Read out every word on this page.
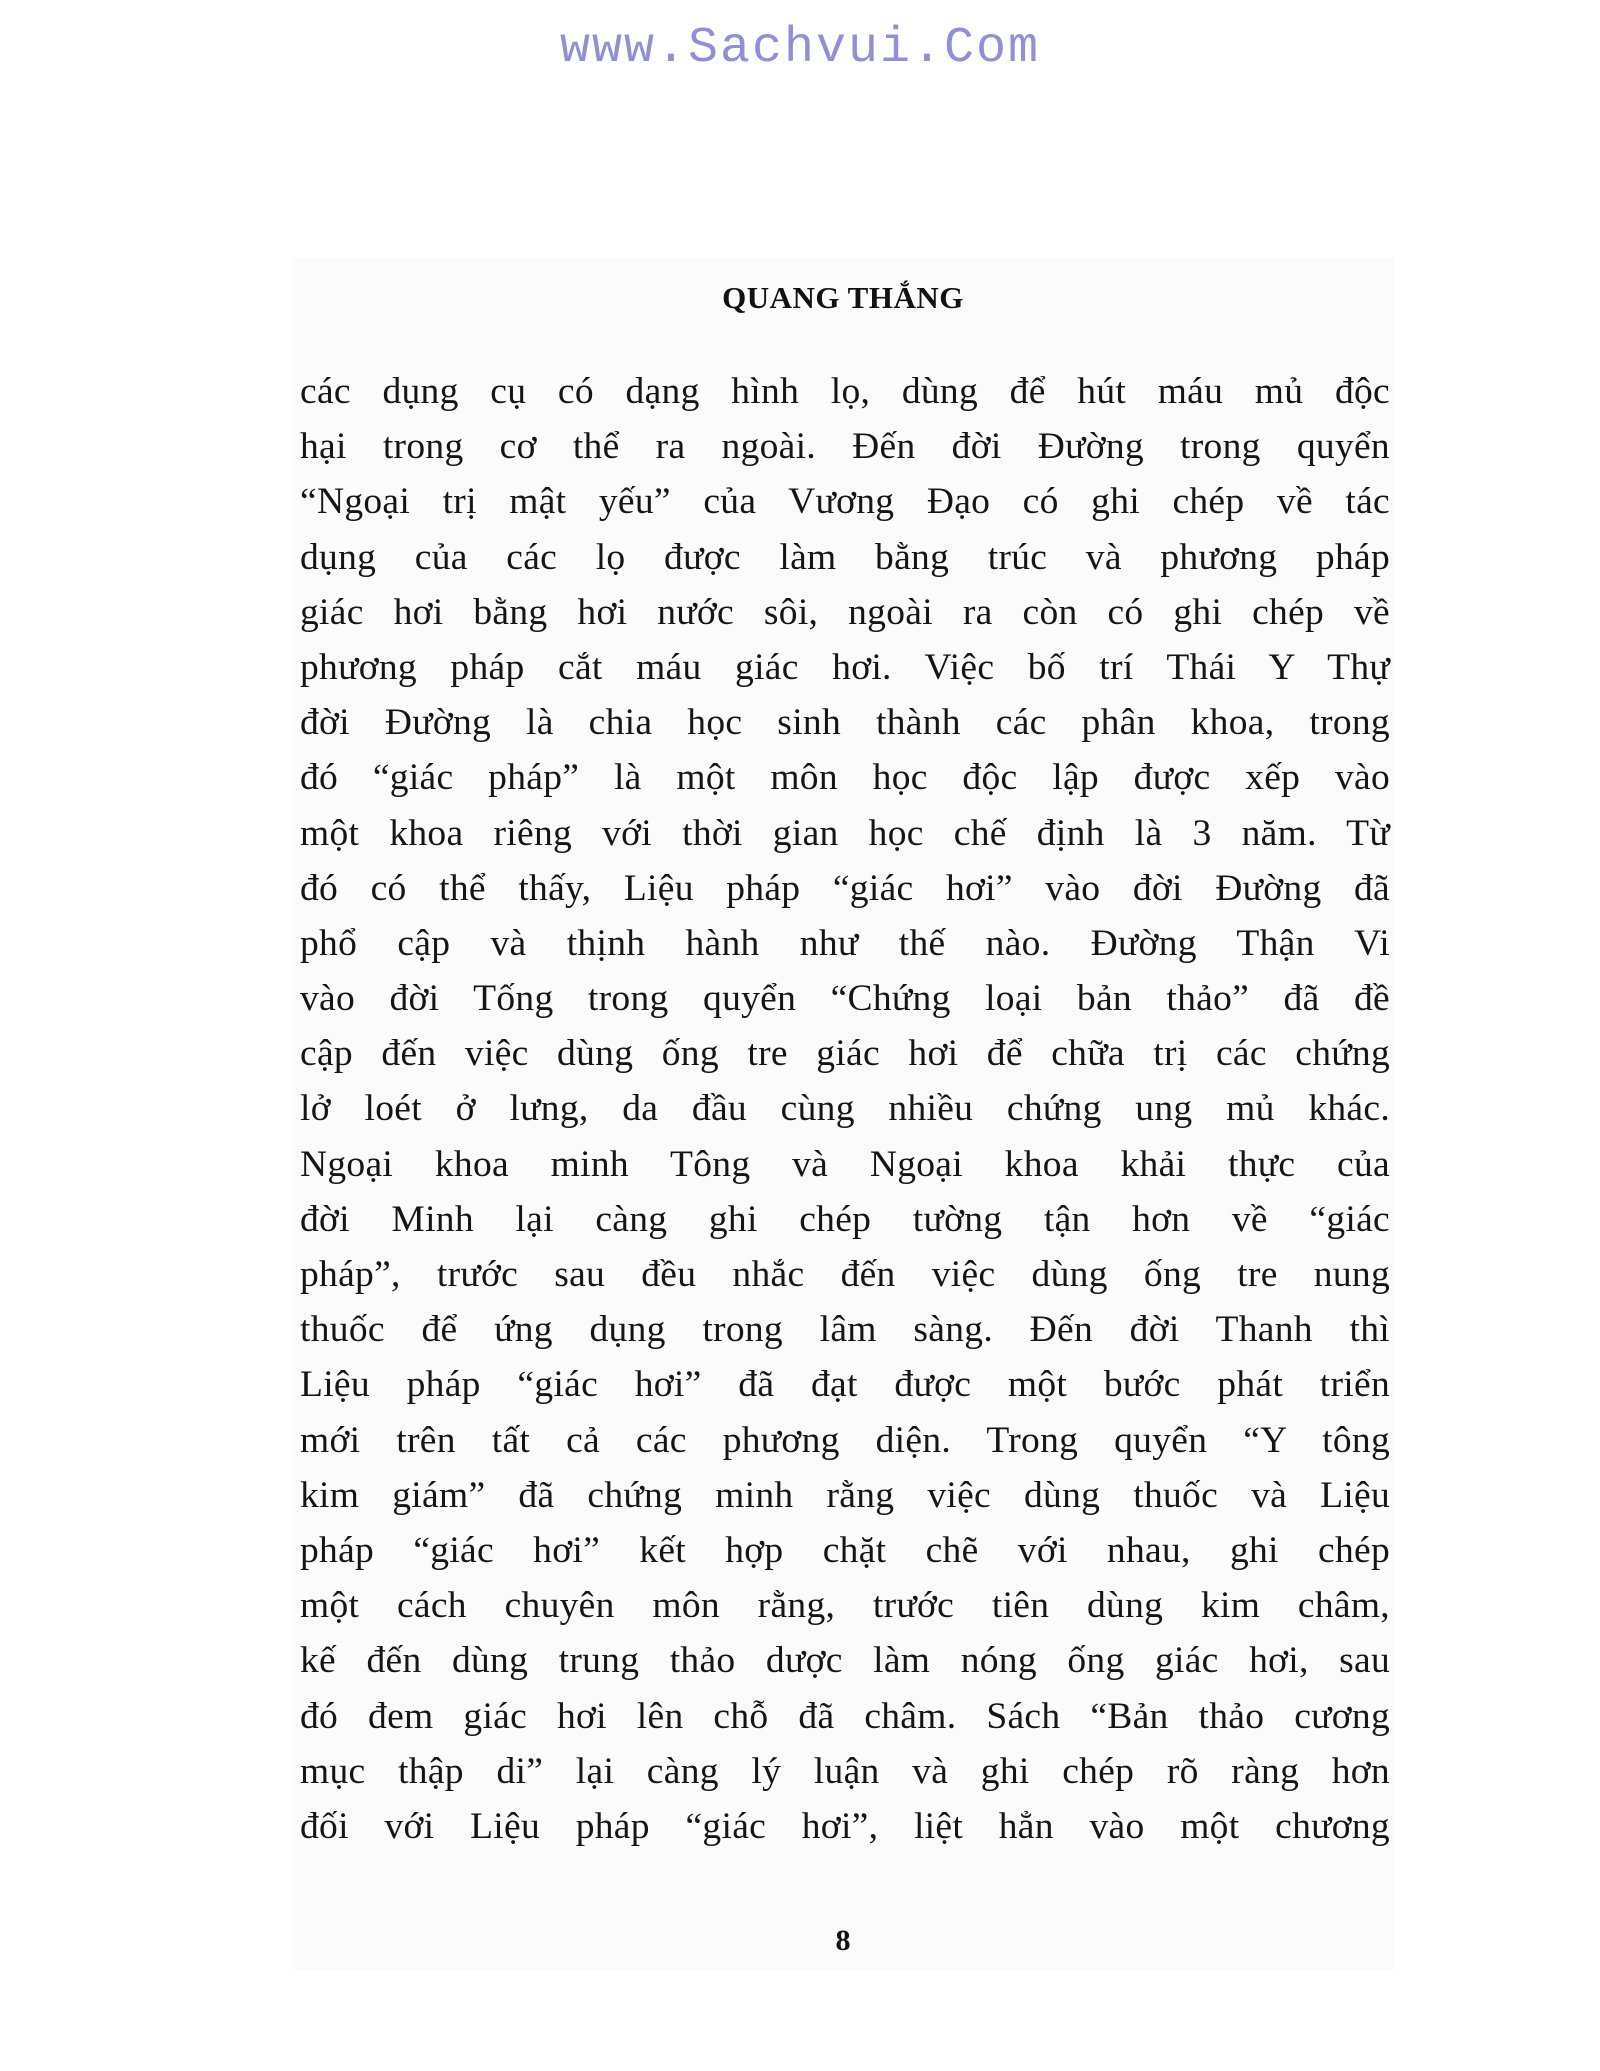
www.Sachvui.Com
QUANG THẮNG
các dụng cụ có dạng hình lọ, dùng để hút máu mủ độc
hại trong cơ thể ra ngoài. Đến đời Đường trong quyển
“Ngoại trị mật yếu” của Vương Đạo có ghi chép về tác
dụng của các lọ được làm bằng trúc và phương pháp
giác hơi bằng hơi nước sôi, ngoài ra còn có ghi chép về
phương pháp cắt máu giác hơi. Việc bố trí Thái Y Thự
đời Đường là chia học sinh thành các phân khoa, trong
đó “giác pháp” là một môn học độc lập được xếp vào
một khoa riêng với thời gian học chế định là 3 năm. Từ
đó có thể thấy, Liệu pháp “giác hơi” vào đời Đường đã
phổ cập và thịnh hành như thế nào. Đường Thận Vi
vào đời Tống trong quyển “Chứng loại bản thảo” đã đề
cập đến việc dùng ống tre giác hơi để chữa trị các chứng
lở loét ở lưng, da đầu cùng nhiều chứng ung mủ khác.
Ngoại khoa minh Tông và Ngoại khoa khải thực của
đời Minh lại càng ghi chép tường tận hơn về “giác
pháp”, trước sau đều nhắc đến việc dùng ống tre nung
thuốc để ứng dụng trong lâm sàng. Đến đời Thanh thì
Liệu pháp “giác hơi” đã đạt được một bước phát triển
mới trên tất cả các phương diện. Trong quyển “Y tông
kim giám” đã chứng minh rằng việc dùng thuốc và Liệu
pháp “giác hơi” kết hợp chặt chẽ với nhau, ghi chép
một cách chuyên môn rằng, trước tiên dùng kim châm,
kế đến dùng trung thảo dược làm nóng ống giác hơi, sau
đó đem giác hơi lên chỗ đã châm. Sách “Bản thảo cương
mục thập di” lại càng lý luận và ghi chép rõ ràng hơn
đối với Liệu pháp “giác hơi”, liệt hẳn vào một chương
8
